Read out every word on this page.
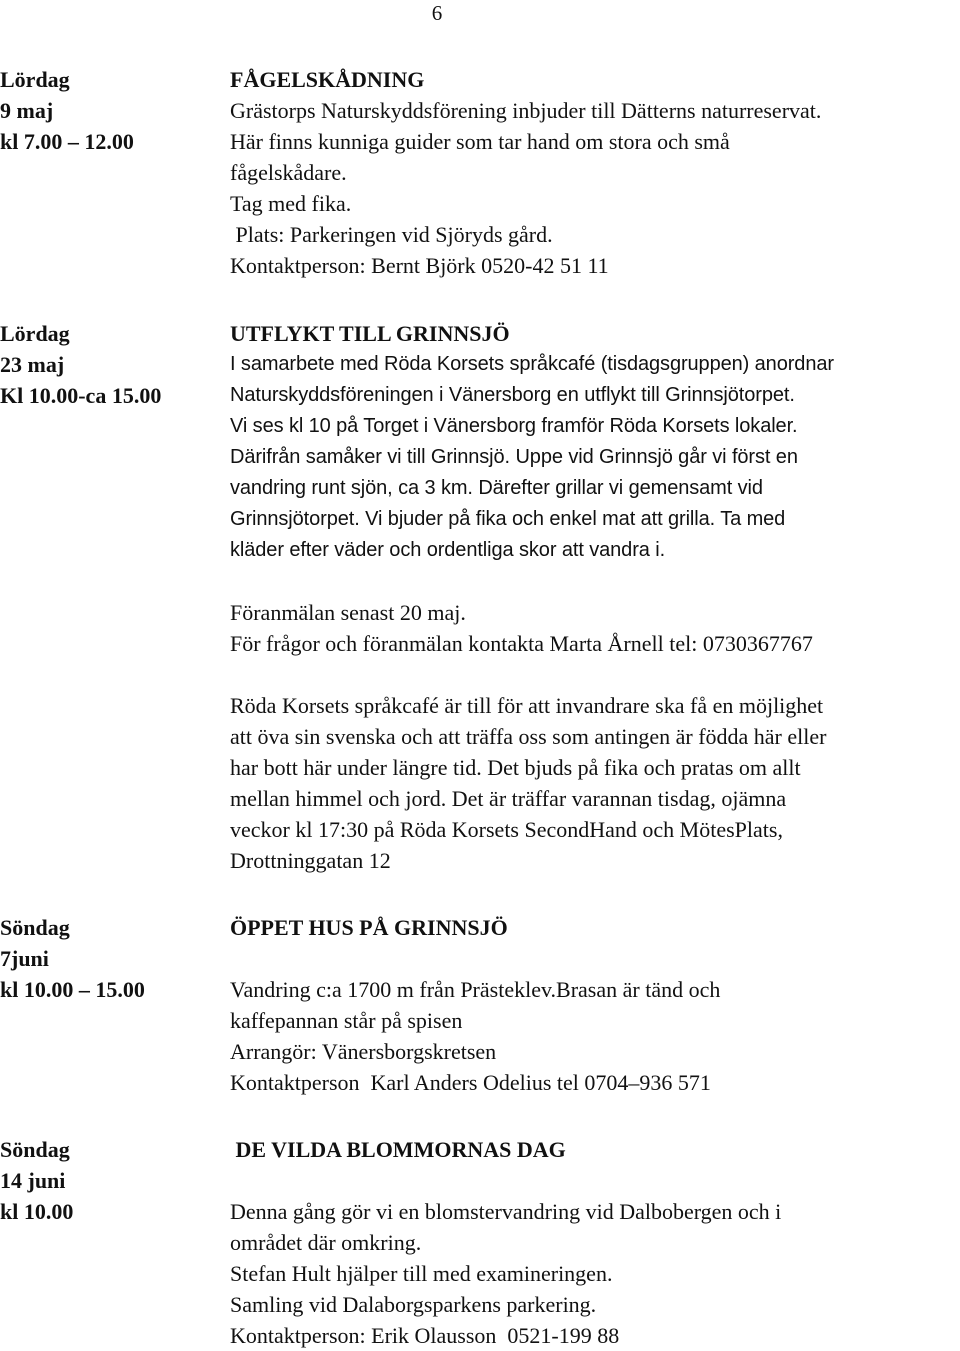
6
Lördag
9 maj
kl 7.00 – 12.00
FÅGELSKÅDNING
Grästorps Naturskyddsförening inbjuder till Dätterns naturreservat.
Här finns kunniga guider som tar hand om stora och små
fågelskådare.
Tag med fika.
Plats: Parkeringen vid Sjöryds gård.
Kontaktperson: Bernt Björk 0520-42 51 11
Lördag
23 maj
Kl 10.00-ca 15.00
UTFLYKT TILL GRINNSJÖ
I samarbete med Röda Korsets språkcafé (tisdagsgruppen) anordnar
Naturskyddsföreningen i Vänersborg en utflykt till Grinnsjötorpet.
Vi ses kl 10 på Torget i Vänersborg framför Röda Korsets lokaler.
Därifrån samåker vi till Grinnsjö. Uppe vid Grinnsjö går vi först en
vandring runt sjön, ca 3 km. Därefter grillar vi gemensamt vid
Grinnsjötorpet. Vi bjuder på fika och enkel mat att grilla. Ta med
kläder efter väder och ordentliga skor att vandra i.
Föranmälan senast 20 maj.
För frågor och föranmälan kontakta Marta Årnell tel: 0730367767
Röda Korsets språkcafé är till för att invandrare ska få en möjlighet
att öva sin svenska och att träffa oss som antingen är födda här eller
har bott här under längre tid. Det bjuds på fika och pratas om allt
mellan himmel och jord. Det är träffar varannan tisdag, ojämna
veckor kl 17:30 på Röda Korsets SecondHand och MötesPlats,
Drottninggatan 12
Söndag
7juni
kl 10.00 – 15.00
ÖPPET HUS PÅ GRINNSJÖ
Vandring c:a 1700 m från Prästeklev.Brasan är tänd och
kaffepannan står på spisen
Arrangör: Vänersborgskretsen
Kontaktperson  Karl Anders Odelius tel 0704–936 571
Söndag
14 juni
kl 10.00
DE VILDA BLOMMORNAS DAG
Denna gång gör vi en blomstervandring vid Dalbobergen och i
området där omkring.
Stefan Hult hjälper till med examineringen.
Samling vid Dalaborgsparkens parkering.
Kontaktperson: Erik Olausson  0521-199 88
